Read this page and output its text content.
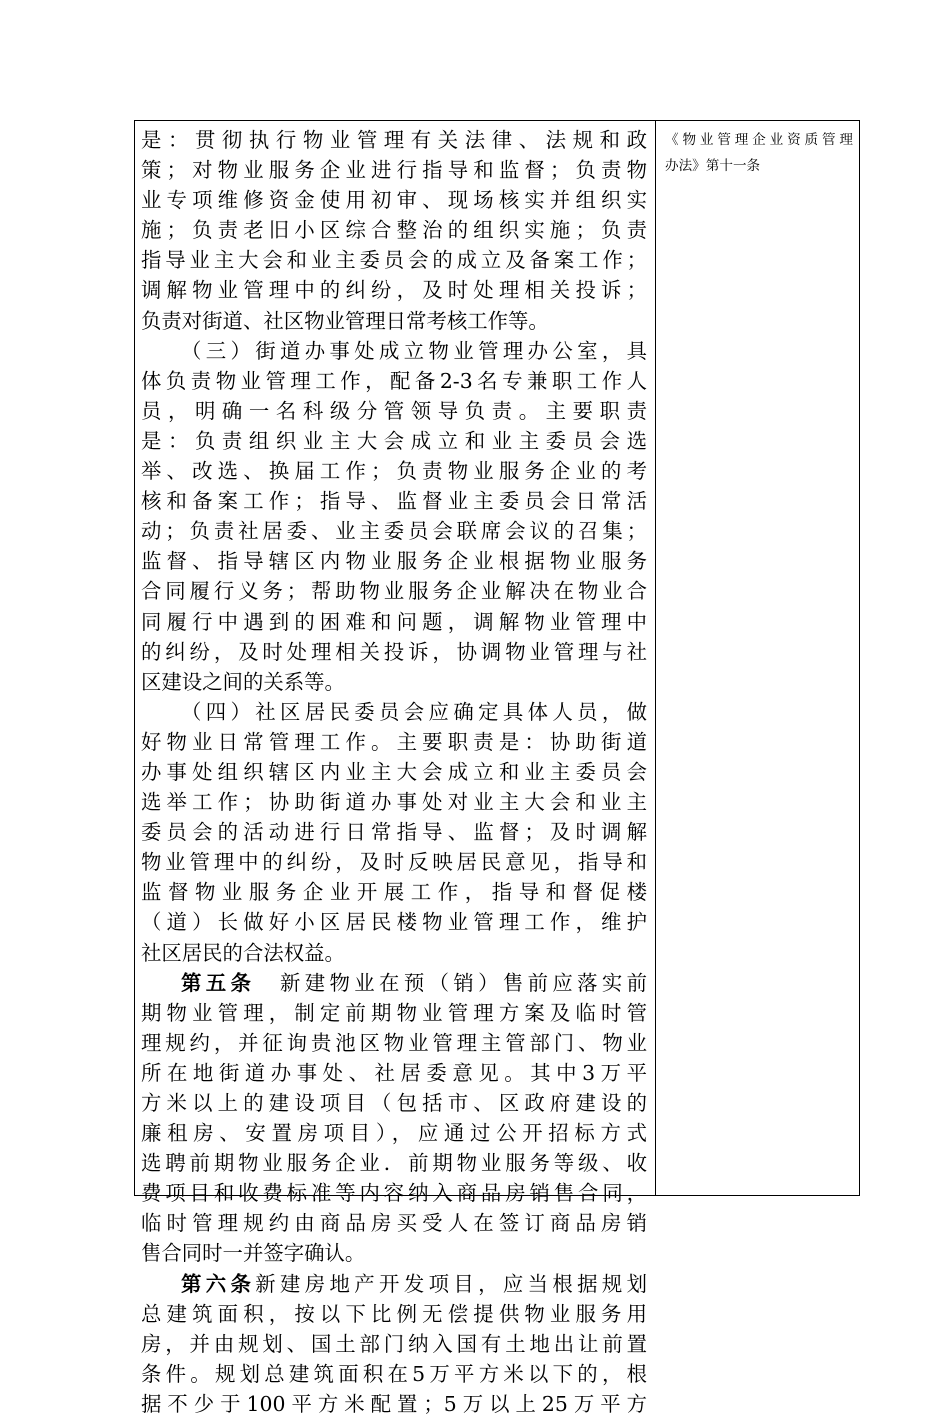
是：贯彻执行物业管理有关法律、法规和政
策；对物业服务企业进行指导和监督；负责物
业专项维修资金使用初审、现场核实并组织实
施；负责老旧小区综合整治的组织实施；负责
指导业主大会和业主委员会的成立及备案工作；
调解物业管理中的纠纷，及时处理相关投诉；
负责对街道、社区物业管理日常考核工作等。
（三）街道办事处成立物业管理办公室，具
体负责物业管理工作，配备2-3名专兼职工作人
员，明确一名科级分管领导负责。主要职责
是：负责组织业主大会成立和业主委员会选
举、改选、换届工作；负责物业服务企业的考
核和备案工作；指导、监督业主委员会日常活
动；负责社居委、业主委员会联席会议的召集；
监督、指导辖区内物业服务企业根据物业服务
合同履行义务；帮助物业服务企业解决在物业合
同履行中遇到的困难和问题，调解物业管理中
的纠纷，及时处理相关投诉，协调物业管理与社
区建设之间的关系等。
（四）社区居民委员会应确定具体人员，做
好物业日常管理工作。主要职责是：协助街道
办事处组织辖区内业主大会成立和业主委员会
选举工作；协助街道办事处对业主大会和业主
委员会的活动进行日常指导、监督；及时调解
物业管理中的纠纷，及时反映居民意见，指导和
监督物业服务企业开展工作，指导和督促楼
（道）长做好小区居民楼物业管理工作，维护
社区居民的合法权益。
第五条　新建物业在预（销）售前应落实前
期物业管理，制定前期物业管理方案及临时管
理规约，并征询贵池区物业管理主管部门、物业
所在地街道办事处、社居委意见。其中3万平
方米以上的建设项目（包括市、区政府建设的
廉租房、安置房项目），应通过公开招标方式
选聘前期物业服务企业．前期物业服务等级、收
费项目和收费标准等内容纳入商品房销售合同，
临时管理规约由商品房买受人在签订商品房销
售合同时一并签字确认。
第六条新建房地产开发项目，应当根据规划
总建筑面积，按以下比例无偿提供物业服务用
房，并由规划、国土部门纳入国有土地出让前置
条件。规划总建筑面积在5万平方米以下的，根
据不少于100平方米配置；5万以上25万平方
《物业管理企业资质管理
办法》第十一条
